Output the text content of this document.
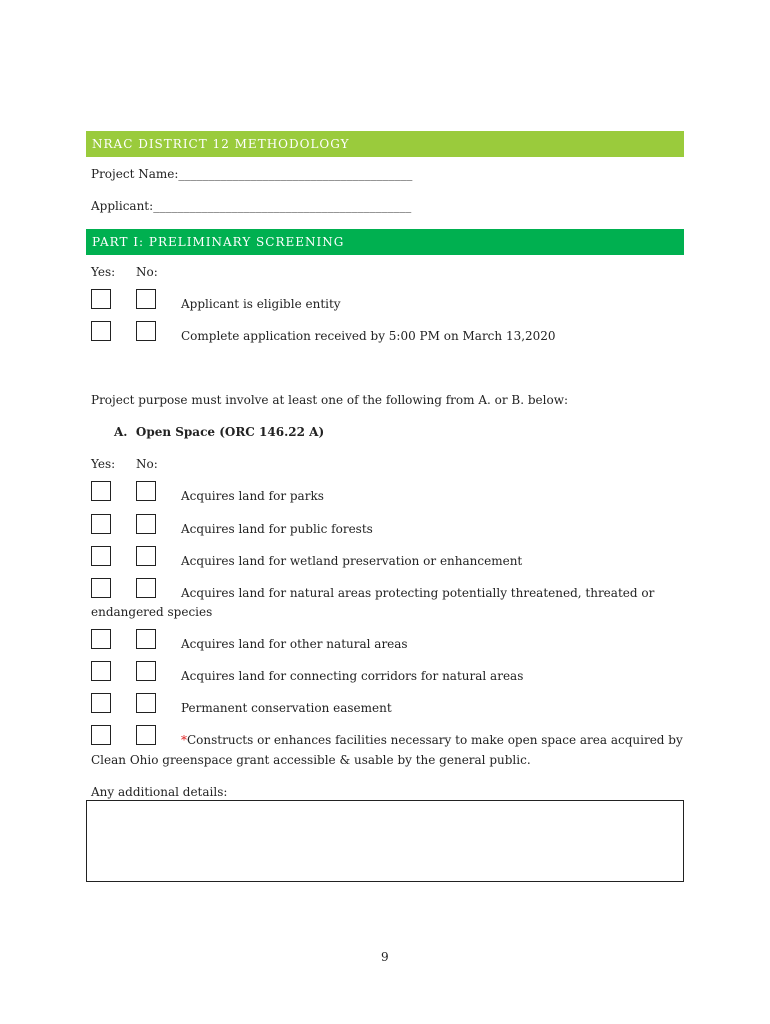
NRAC DISTRICT 12 METHODOLOGY
Project Name:_______________________________________
Applicant:___________________________________________
PART I: PRELIMINARY SCREENING
Yes: No:
Applicant is eligible entity
Complete application received by 5:00 PM on March 13,2020
Project purpose must involve at least one of the following from A. or B. below:
A. Open Space (ORC 146.22 A)
Yes: No:
Acquires land for parks
Acquires land for public forests
Acquires land for wetland preservation or enhancement
Acquires land for natural areas protecting potentially threatened, threated or
endangered species
Acquires land for other natural areas
Acquires land for connecting corridors for natural areas
Permanent conservation easement
*Constructs or enhances facilities necessary to make open space area acquired by
Clean Ohio greenspace grant accessible & usable by the general public.
Any additional details:
9
